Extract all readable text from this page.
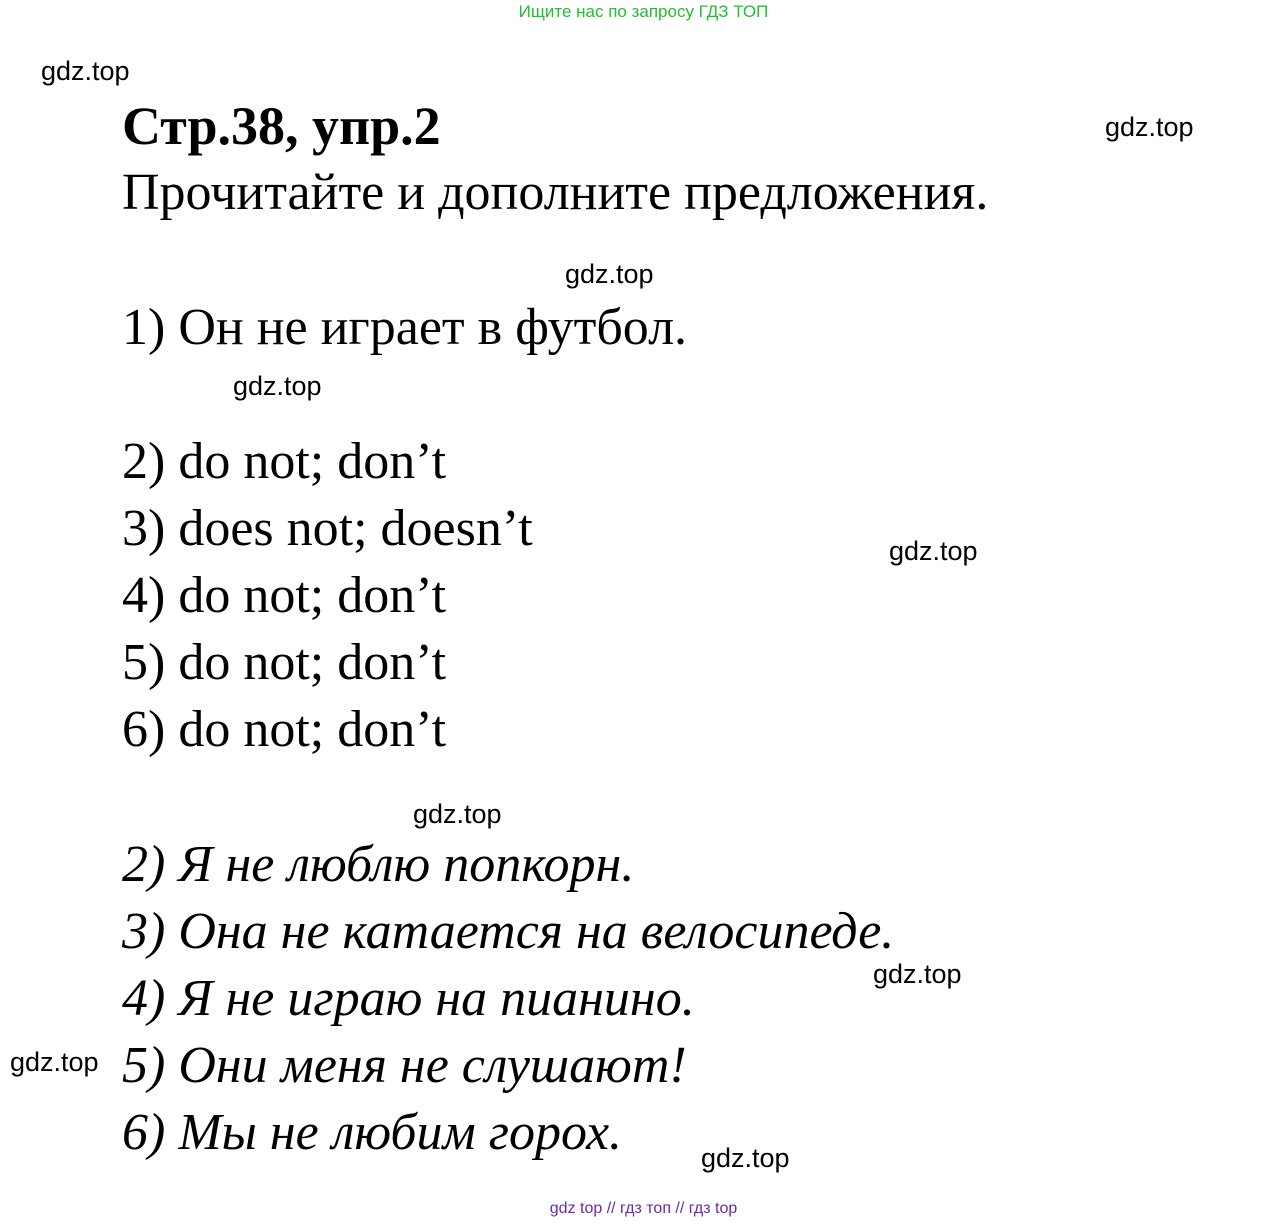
Ищите нас по запросу ГДЗ ТОП
gdz.top
gdz.top
gdz.top
gdz.top
gdz.top
gdz.top
gdz.top
gdz.top
gdz.top
Стр.38, упр.2
Прочитайте и дополните предложения.
1) Он не играет в футбол.
2) do not; don’t
3) does not; doesn’t
4) do not; don’t
5) do not; don’t
6) do not; don’t
2) Я не люблю попкорн.
3) Она не катается на велосипеде.
4) Я не играю на пианино.
5) Они меня не слушают!
6) Мы не любим горох.
gdz top // гдз топ // гдз top
